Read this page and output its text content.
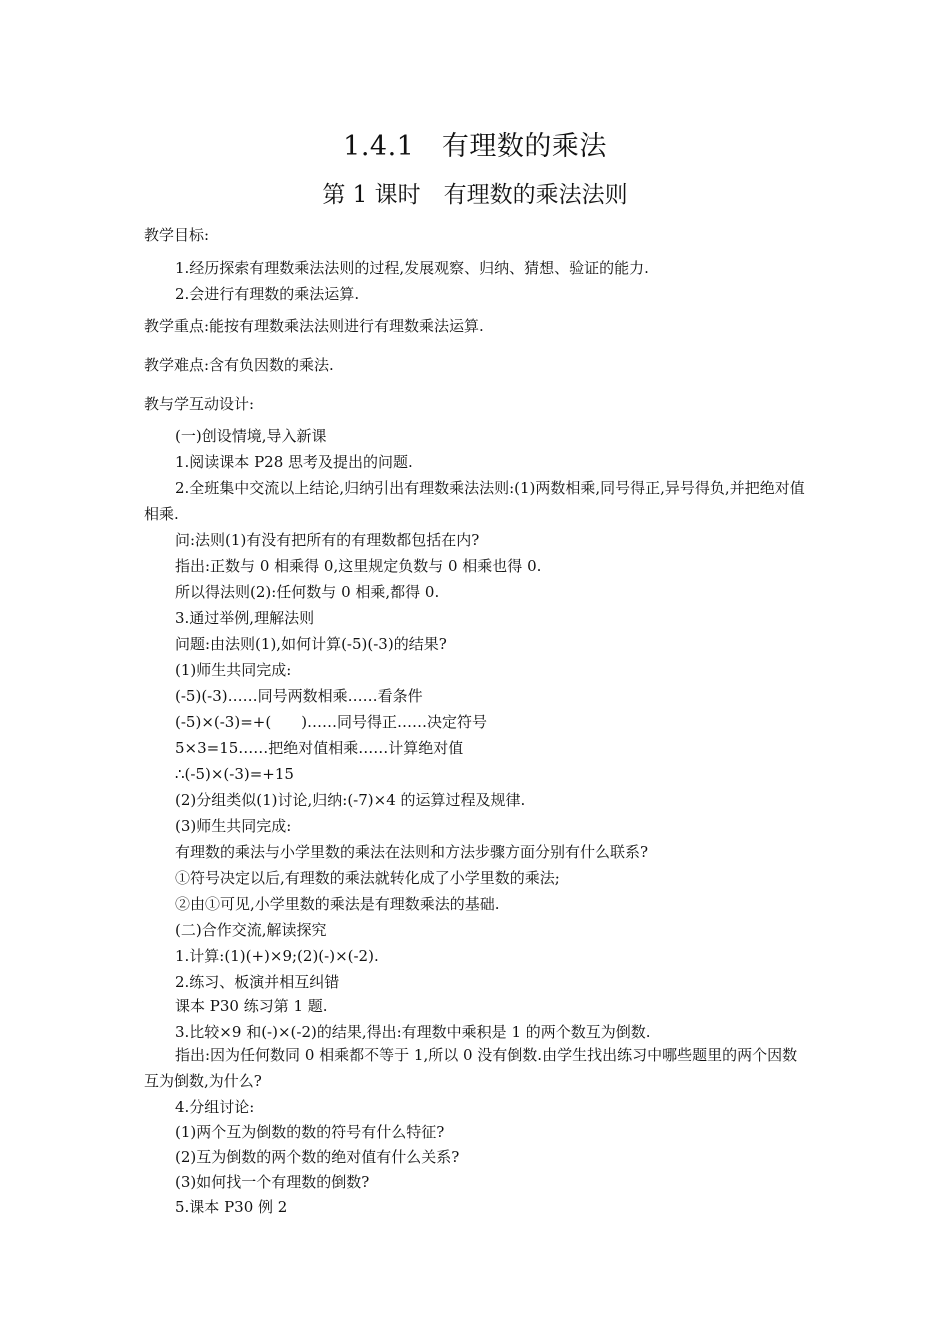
1.4.1　有理数的乘法
第 1 课时　有理数的乘法法则

教学目标:

1.经历探索有理数乘法法则的过程,发展观察、归纳、猜想、验证的能力.

2.会进行有理数的乘法运算.

教学重点:能按有理数乘法法则进行有理数乘法运算.

教学难点:含有负因数的乘法.

教与学互动设计:

(一)创设情境,导入新课

1.阅读课本 P28 思考及提出的问题.

2.全班集中交流以上结论,归纳引出有理数乘法法则:(1)两数相乘,同号得正,异号得负,并把绝对值相乘.

问:法则(1)有没有把所有的有理数都包括在内?

指出:正数与 0 相乘得 0,这里规定负数与 0 相乘也得 0.

所以得法则(2):任何数与 0 相乘,都得 0.

3.通过举例,理解法则

问题:由法则(1),如何计算(-5)(-3)的结果?

(1)师生共同完成:

(-5)(-3)……同号两数相乘……看条件

(-5)×(-3)=+(　　)……同号得正……决定符号

5×3=15……把绝对值相乘……计算绝对值

∴(-5)×(-3)=+15

(2)分组类似(1)讨论,归纳:(-7)×4 的运算过程及规律.

(3)师生共同完成:

有理数的乘法与小学里数的乘法在法则和方法步骤方面分别有什么联系?

①符号决定以后,有理数的乘法就转化成了小学里数的乘法;

②由①可见,小学里数的乘法是有理数乘法的基础.

(二)合作交流,解读探究

1.计算:(1)(+)×9;(2)(-)×(-2).

2.练习、板演并相互纠错

课本 P30 练习第 1 题.

3.比较×9 和(-)×(-2)的结果,得出:有理数中乘积是 1 的两个数互为倒数.

指出:因为任何数同 0 相乘都不等于 1,所以 0 没有倒数.由学生找出练习中哪些题里的两个因数互为倒数,为什么?

4.分组讨论:

(1)两个互为倒数的数的符号有什么特征?

(2)互为倒数的两个数的绝对值有什么关系?

(3)如何找一个有理数的倒数?

5.课本 P30 例 2
